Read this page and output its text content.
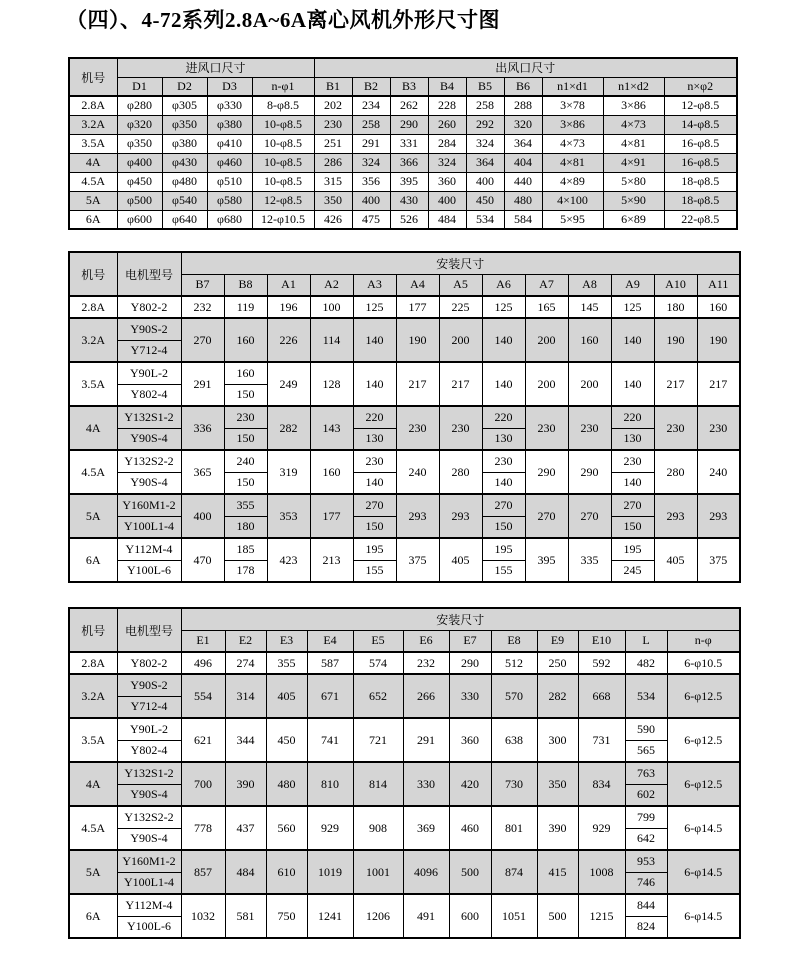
（四）、4-72系列2.8A~6A离心风机外形尺寸图
机号	进风口尺寸				出风口尺寸								
	D1	D2	D3	n-φ1	B1	B2	B3	B4	B5	B6	n1×d1	n1×d2	n×φ2
2.8A	φ280	φ305	φ330	8-φ8.5	202	234	262	228	258	288	3×78	3×86	12-φ8.5
3.2A	φ320	φ350	φ380	10-φ8.5	230	258	290	260	292	320	3×86	4×73	14-φ8.5
3.5A	φ350	φ380	φ410	10-φ8.5	251	291	331	284	324	364	4×73	4×81	16-φ8.5
4A	φ400	φ430	φ460	10-φ8.5	286	324	366	324	364	404	4×81	4×91	16-φ8.5
4.5A	φ450	φ480	φ510	10-φ8.5	315	356	395	360	400	440	4×89	5×80	18-φ8.5
5A	φ500	φ540	φ580	12-φ8.5	350	400	430	400	450	480	4×100	5×90	18-φ8.5
6A	φ600	φ640	φ680	12-φ10.5	426	475	526	484	534	584	5×95	6×89	22-φ8.5
机号	电机型号	安装尺寸												
		B7	B8	A1	A2	A3	A4	A5	A6	A7	A8	A9	A10	A11
2.8A	Y802-2	232	119	196	100	125	177	225	125	165	145	125	180	160
3.2A	Y90S-2	270	160	226	114	140	190	200	140	200	160	140	190	190
	Y712-4													
3.5A	Y90L-2	291	160	249	128	140	217	217	140	200	200	140	217	217
	Y802-4		150											
4A	Y132S1-2	336	230	282	143	220	230	230	220	230	230	220	230	230
	Y90S-4		150			130			130			130		
4.5A	Y132S2-2	365	240	319	160	230	240	280	230	290	290	230	280	240
	Y90S-4		150			140			140			140		
5A	Y160M1-2	400	355	353	177	270	293	293	270	270	270	270	293	293
	Y100L1-4		180			150			150			150		
6A	Y112M-4	470	185	423	213	195	375	405	195	395	335	195	405	375
	Y100L-6		178			155			155			245		
机号	电机型号	安装尺寸											
		E1	E2	E3	E4	E5	E6	E7	E8	E9	E10	L	n-φ
2.8A	Y802-2	496	274	355	587	574	232	290	512	250	592	482	6-φ10.5
3.2A	Y90S-2	554	314	405	671	652	266	330	570	282	668	534	6-φ12.5
	Y712-4												
3.5A	Y90L-2	621	344	450	741	721	291	360	638	300	731	590	6-φ12.5
	Y802-4											565	
4A	Y132S1-2	700	390	480	810	814	330	420	730	350	834	763	6-φ12.5
	Y90S-4											602	
4.5A	Y132S2-2	778	437	560	929	908	369	460	801	390	929	799	6-φ14.5
	Y90S-4											642	
5A	Y160M1-2	857	484	610	1019	1001	4096	500	874	415	1008	953	6-φ14.5
	Y100L1-4											746	
6A	Y112M-4	1032	581	750	1241	1206	491	600	1051	500	1215	844	6-φ14.5
	Y100L-6											824	
